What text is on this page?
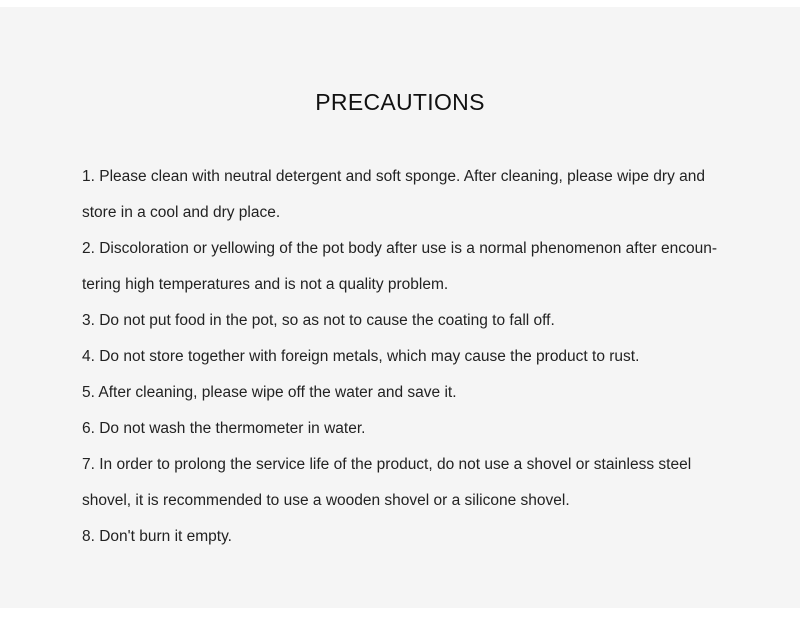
PRECAUTIONS
1. Please clean with neutral detergent and soft sponge. After cleaning, please wipe dry and
store in a cool and dry place.
2. Discoloration or yellowing of the pot body after use is a normal phenomenon after encoun-
tering high temperatures and is not a quality problem.
3. Do not put food in the pot, so as not to cause the coating to fall off.
4. Do not store together with foreign metals, which may cause the product to rust.
5. After cleaning, please wipe off the water and save it.
6. Do not wash the thermometer in water.
7. In order to prolong the service life of the product, do not use a shovel or stainless steel
shovel, it is recommended to use a wooden shovel or a silicone shovel.
8. Don't burn it empty.
